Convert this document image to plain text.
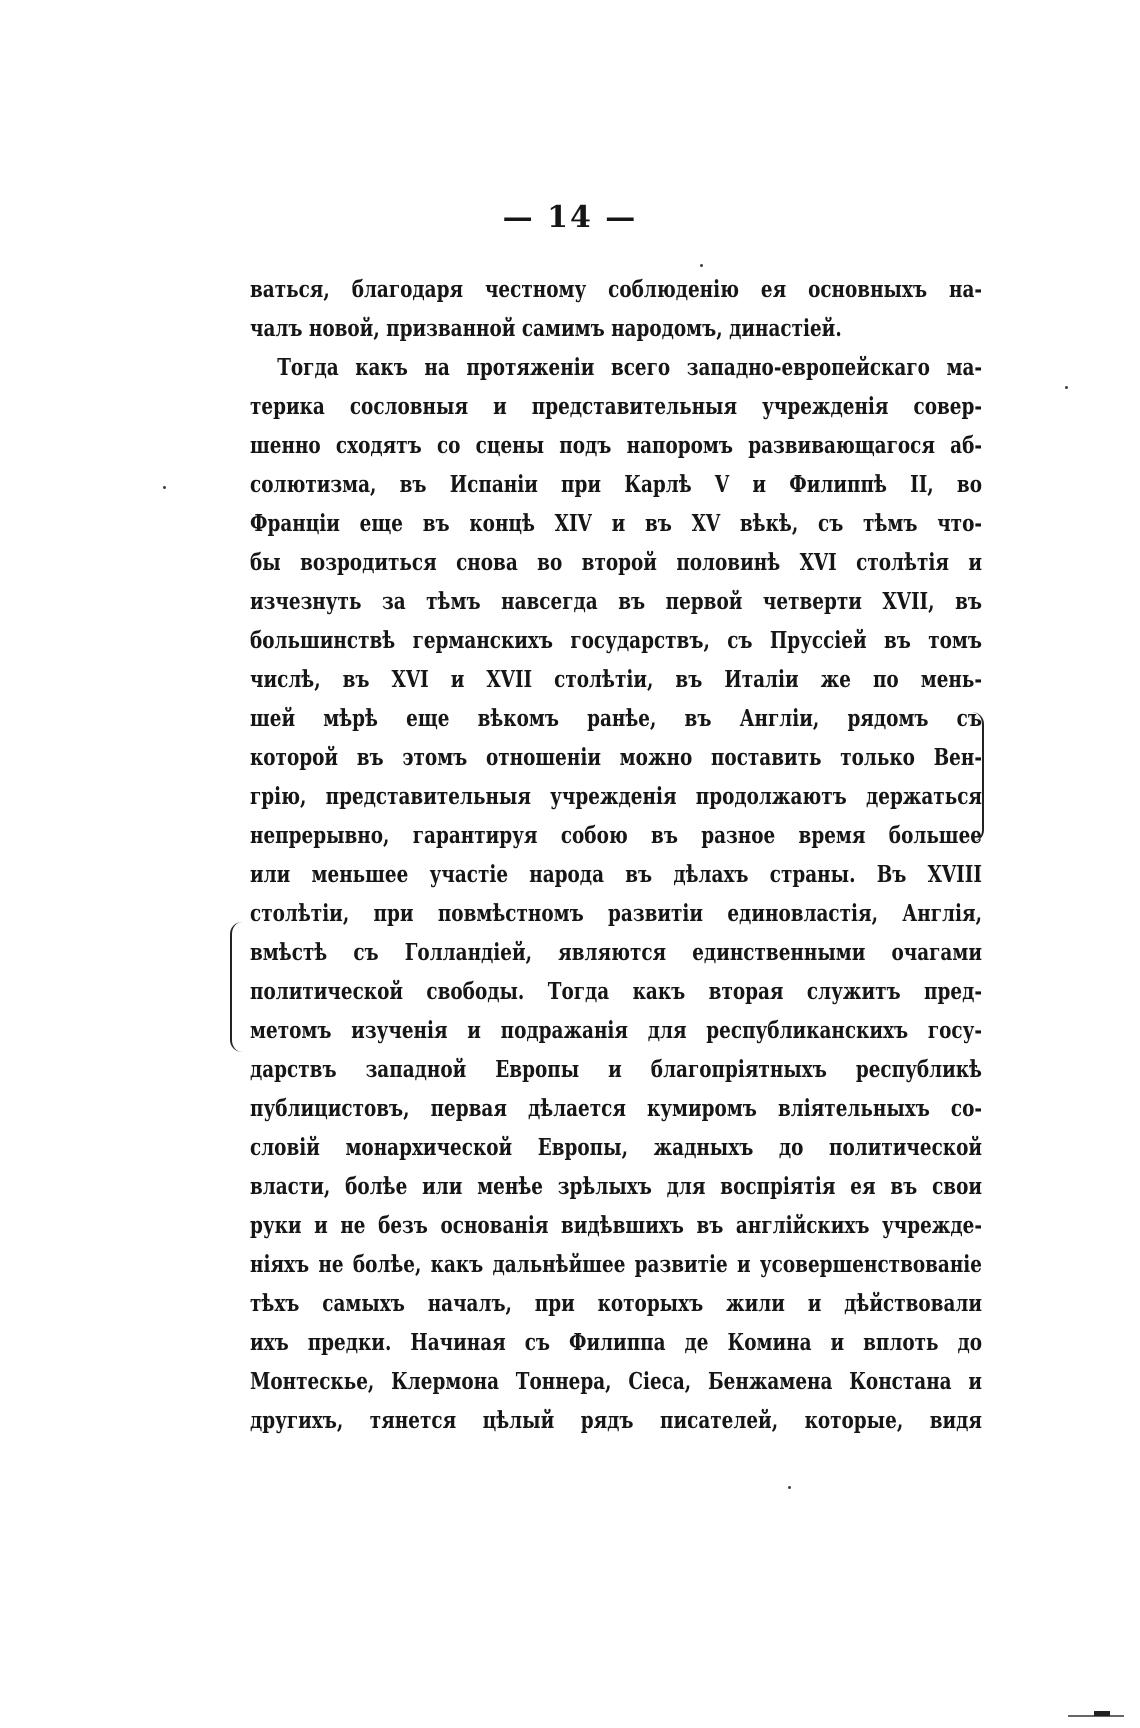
— 14 —
ваться, благодаря честному соблюденію ея основныхъ на-
чалъ новой, призванной самимъ народомъ, династіей.
Тогда какъ на протяженіи всего западно-европейскаго ма-
терика сословныя и представительныя учрежденія совер-
шенно сходятъ со сцены подъ напоромъ развивающагося аб-
солютизма, въ Испаніи при Карлѣ V и Филиппѣ II, во
Франціи еще въ концѣ XIV и въ XV вѣкѣ, съ тѣмъ что-
бы возродиться снова во второй половинѣ XVI столѣтія и
изчезнуть за тѣмъ навсегда въ первой четверти XVII, въ
большинствѣ германскихъ государствъ, съ Пруссіей въ томъ
числѣ, въ XVI и XVII столѣтіи, въ Италіи же по мень-
шей мѣрѣ еще вѣкомъ ранѣе, въ Англіи, рядомъ съ
которой въ этомъ отношеніи можно поставить только Вен-
грію, представительныя учрежденія продолжаютъ держаться
непрерывно, гарантируя собою въ разное время большее
или меньшее участіе народа въ дѣлахъ страны. Въ XVIII
столѣтіи, при повмѣстномъ развитіи единовластія, Англія,
вмѣстѣ съ Голландіей, являются единственными очагами
политической свободы. Тогда какъ вторая служитъ пред-
метомъ изученія и подражанія для республиканскихъ госу-
дарствъ западной Европы и благопріятныхъ республикѣ
публицистовъ, первая дѣлается кумиромъ вліятельныхъ со-
словій монархической Европы, жадныхъ до политической
власти, болѣе или менѣе зрѣлыхъ для воспріятія ея въ свои
руки и не безъ основанія видѣвшихъ въ англійскихъ учрежде-
ніяхъ не болѣе, какъ дальнѣйшее развитіе и усовершенствованіе
тѣхъ самыхъ началъ, при которыхъ жили и дѣйствовали
ихъ предки. Начиная съ Филиппа де Комина и вплоть до
Монтескье, Клермона Тоннера, Сіеса, Бенжамена Констана и
другихъ, тянется цѣлый рядъ писателей, которые, видя
